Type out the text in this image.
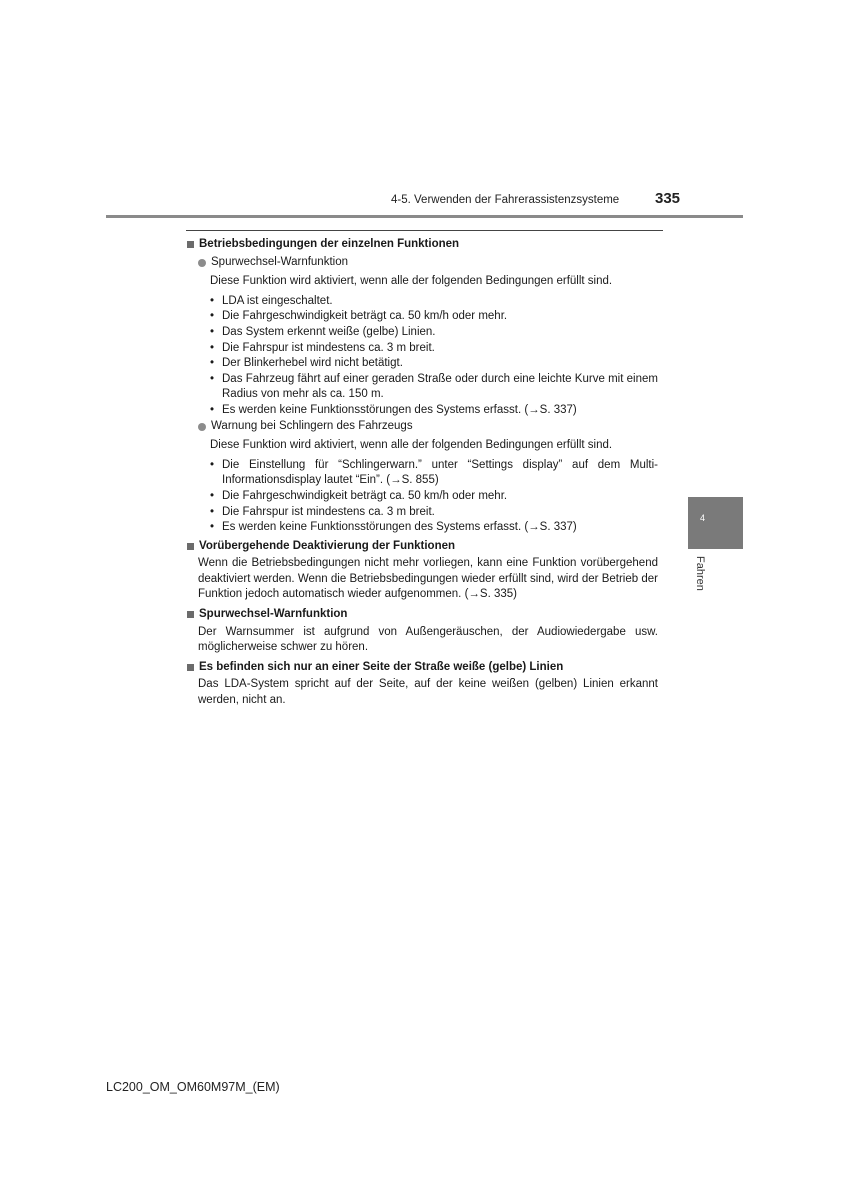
4-5. Verwenden der Fahrerassistenzsysteme 335
Betriebsbedingungen der einzelnen Funktionen
Spurwechsel-Warnfunktion
Diese Funktion wird aktiviert, wenn alle der folgenden Bedingungen erfüllt sind.
• LDA ist eingeschaltet.
• Die Fahrgeschwindigkeit beträgt ca. 50 km/h oder mehr.
• Das System erkennt weiße (gelbe) Linien.
• Die Fahrspur ist mindestens ca. 3 m breit.
• Der Blinkerhebel wird nicht betätigt.
• Das Fahrzeug fährt auf einer geraden Straße oder durch eine leichte Kurve mit einem Radius von mehr als ca. 150 m.
• Es werden keine Funktionsstörungen des Systems erfasst. (→S. 337)
Warnung bei Schlingern des Fahrzeugs
Diese Funktion wird aktiviert, wenn alle der folgenden Bedingungen erfüllt sind.
• Die Einstellung für “Schlingerwarn.” unter “Settings display” auf dem Multi-Informationsdisplay lautet “Ein”. (→S. 855)
• Die Fahrgeschwindigkeit beträgt ca. 50 km/h oder mehr.
• Die Fahrspur ist mindestens ca. 3 m breit.
• Es werden keine Funktionsstörungen des Systems erfasst. (→S. 337)
Vorübergehende Deaktivierung der Funktionen
Wenn die Betriebsbedingungen nicht mehr vorliegen, kann eine Funktion vorübergehend deaktiviert werden. Wenn die Betriebsbedingungen wieder erfüllt sind, wird der Betrieb der Funktion jedoch automatisch wieder aufgenommen. (→S. 335)
Spurwechsel-Warnfunktion
Der Warnsummer ist aufgrund von Außengeräuschen, der Audiowiedergabe usw. möglicherweise schwer zu hören.
Es befinden sich nur an einer Seite der Straße weiße (gelbe) Linien
Das LDA-System spricht auf der Seite, auf der keine weißen (gelben) Linien erkannt werden, nicht an.
4
Fahren
LC200_OM_OM60M97M_(EM)
